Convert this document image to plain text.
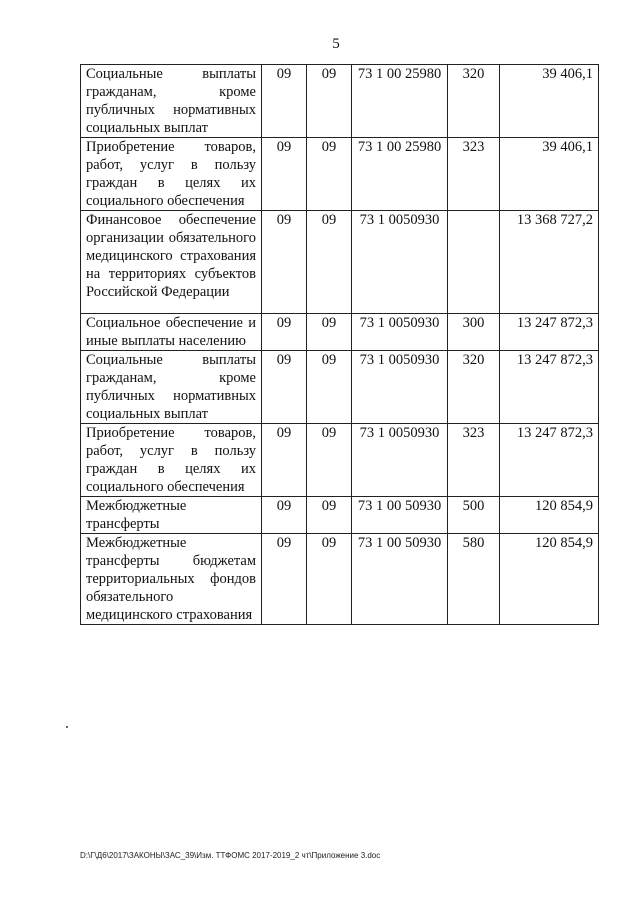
5
Социальные выплаты гражданам, кроме публичных нормативных социальных выплат	09	09	73 1 00 25980	320	39 406,1
Приобретение товаров, работ, услуг в пользу граждан в целях их социального обеспечения	09	09	73 1 00 25980	323	39 406,1
Финансовое обеспечение организации обязательного медицинского страхования на территориях субъектов Российской Федерации	09	09	73 1 0050930		13 368 727,2
Социальное обеспечение и иные выплаты населению	09	09	73 1 0050930	300	13 247 872,3
Социальные выплаты гражданам, кроме публичных нормативных социальных выплат	09	09	73 1 0050930	320	13 247 872,3
Приобретение товаров, работ, услуг в пользу граждан в целях их социального обеспечения	09	09	73 1 0050930	323	13 247 872,3
Межбюджетные трансферты	09	09	73 1 00 50930	500	120 854,9
Межбюджетные трансферты бюджетам территориальных фондов обязательного медицинского страхования	09	09	73 1 00 50930	580	120 854,9
D:\Г\Д6\2017\ЗАКОНЫ\ЗАС_39\Изм. ТТФОМС 2017-2019_2 чт\Приложение 3.doc
